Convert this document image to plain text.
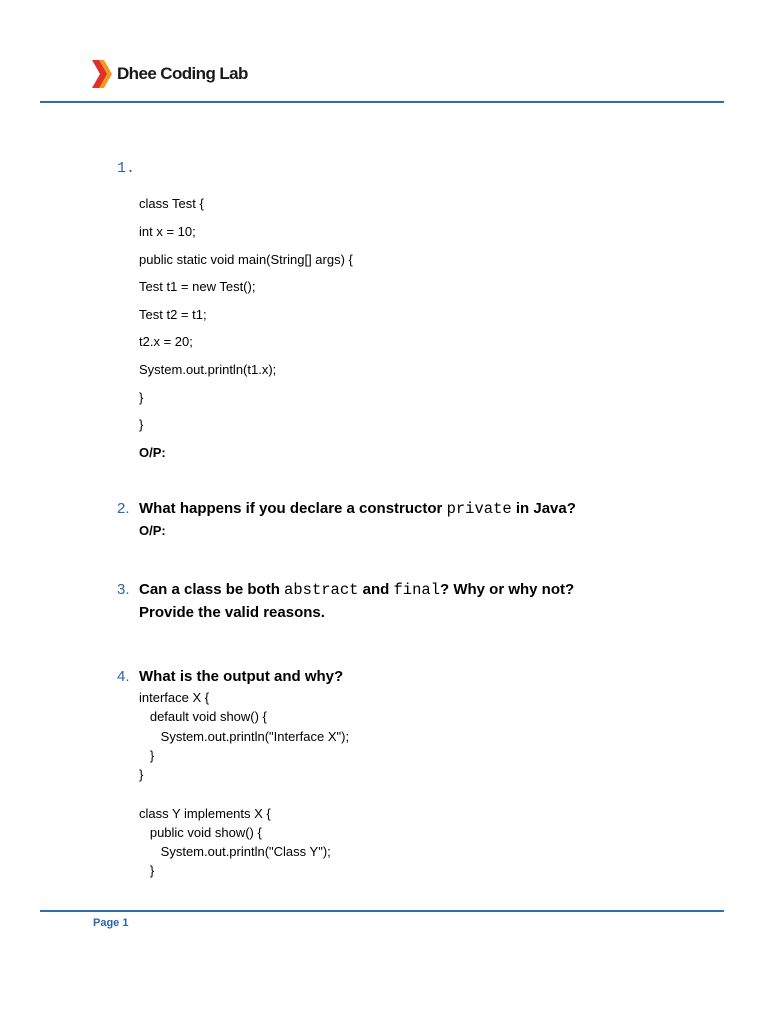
Dhee Coding Lab
1.
class Test {
int x = 10;
public static void main(String[] args) {
Test t1 = new Test();
Test t2 = t1;
t2.x = 20;
System.out.println(t1.x);
}
}
O/P:
2. What happens if you declare a constructor private in Java?
O/P:
3. Can a class be both abstract and final? Why or why not?
Provide the valid reasons.
4. What is the output and why?
interface X {
default void show() {
System.out.println("Interface X");
}
}
class Y implements X {
public void show() {
System.out.println("Class Y");
}
Page 1
